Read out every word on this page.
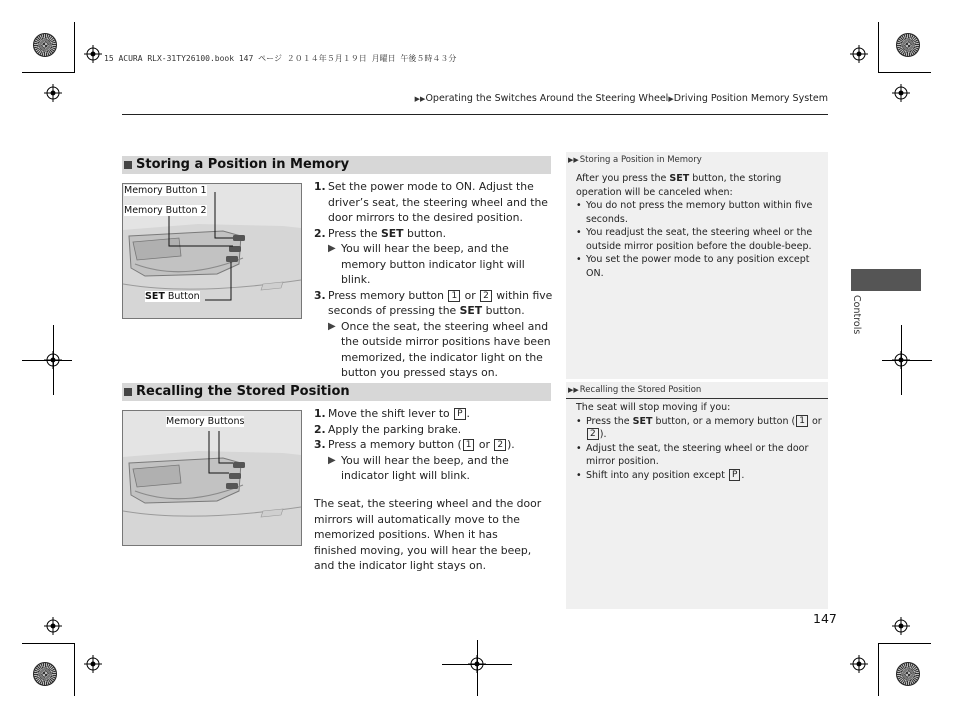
15 ACURA RLX-31TY26100.book 147 ページ ２０１４年５月１９日 月曜日 午後５時４３分
▶▶Operating the Switches Around the Steering Wheel▶Driving Position Memory System
Controls
Storing a Position in Memory
Memory Button 1
Memory Button 2
SET Button
1. Set the power mode to ON. Adjust the driver’s seat, the steering wheel and the door mirrors to the desired position.
2. Press the SET button.
▶ You will hear the beep, and the memory button indicator light will blink.
3. Press memory button 1 or 2 within five seconds of pressing the SET button.
▶ Once the seat, the steering wheel and the outside mirror positions have been memorized, the indicator light on the button you pressed stays on.
▶▶Storing a Position in Memory
After you press the SET button, the storing operation will be canceled when:
• You do not press the memory button within five seconds.
• You readjust the seat, the steering wheel or the outside mirror position before the double-beep.
• You set the power mode to any position except ON.
Recalling the Stored Position
Memory Buttons
1. Move the shift lever to P .
2. Apply the parking brake.
3. Press a memory button ( 1 or 2 ).
▶ You will hear the beep, and the indicator light will blink.
The seat, the steering wheel and the door mirrors will automatically move to the memorized positions. When it has finished moving, you will hear the beep, and the indicator light stays on.
▶▶Recalling the Stored Position
The seat will stop moving if you:
• Press the SET button, or a memory button ( 1 or 2 ).
• Adjust the seat, the steering wheel or the door mirror position.
• Shift into any position except P .
147
